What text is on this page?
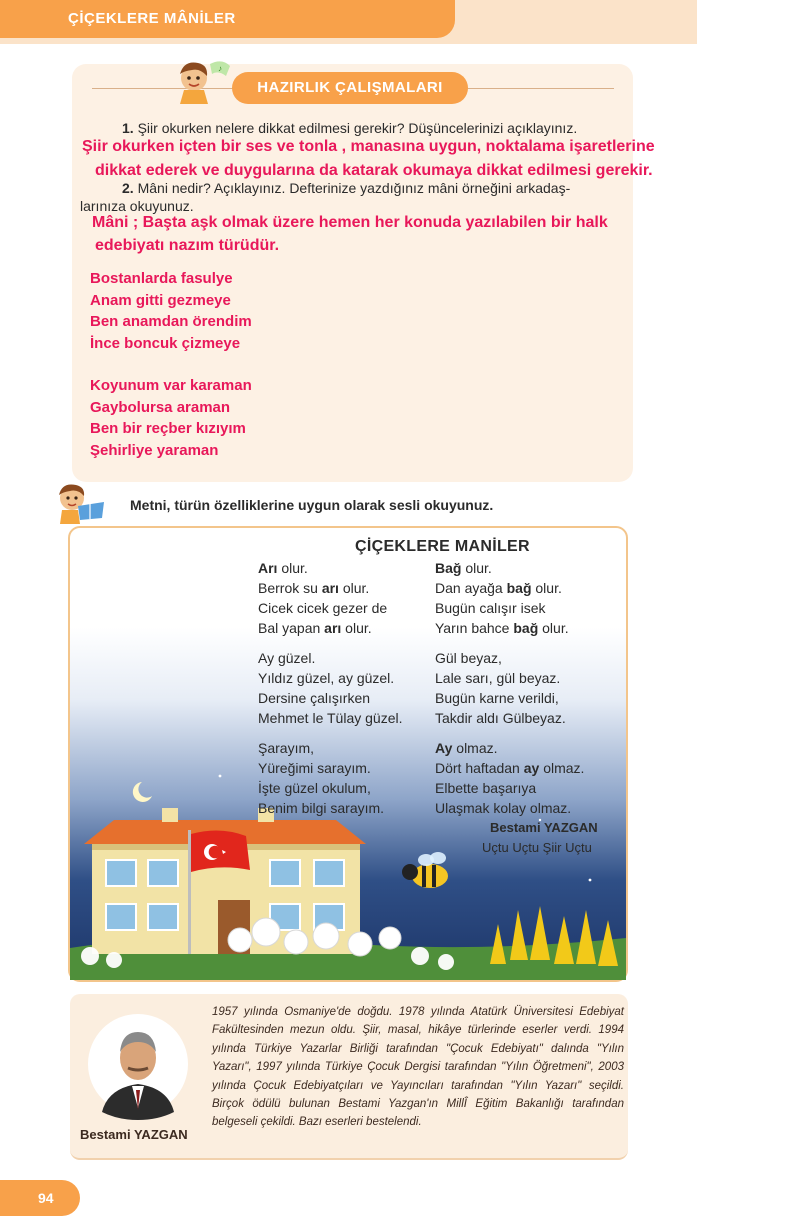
ÇİÇEKLERE MÂNİLER
HAZIRLIK ÇALIŞMALARI
♪
1. Şiir okurken nelere dikkat edilmesi gerekir? Düşüncelerinizi açıklayınız.
Şiir okurken içten bir ses ve tonla , manasına uygun, noktalama işaretlerine
dikkat ederek ve duygularına da katarak okumaya dikkat edilmesi gerekir.
2. Mâni nedir? Açıklayınız. Defterinize yazdığınız mâni örneğini arkadaş-
larınıza okuyunuz.
Mâni ; Başta aşk olmak üzere hemen her konuda yazılabilen bir halk
edebiyatı nazım türüdür.
Bostanlarda fasulye
Anam gitti gezmeye
Ben anamdan örendim
İnce boncuk çizmeye
Koyunum var karaman
Gaybolursa araman
Ben bir reçber kızıyım
Şehirliye yaraman
Metni, türün özelliklerine uygun olarak sesli okuyunuz.
ÇİÇEKLERE MANİLER
Arı olur.
Berrok su arı olur.
Cicek cicek gezer de
Bal yapan arı olur.
Bağ olur.
Dan ayağa bağ olur.
Bugün calışır isek
Yarın bahce bağ olur.
Ay güzel.
Yıldız güzel, ay güzel.
Dersine çalışırken
Mehmet le Tülay güzel.
Gül beyaz,
Lale sarı, gül beyaz.
Bugün karne verildi,
Takdir aldı Gülbeyaz.
Şarayım,
Yüreğimi sarayım.
İşte güzel okulum,
Benim bilgi sarayım.
Ay olmaz.
Dört haftadan ay olmaz.
Elbette başarıya
Ulaşmak kolay olmaz.
Bestami YAZGAN
Uçtu Uçtu Şiir Uçtu
Bestami YAZGAN
1957 yılında Osmaniye'de doğdu. 1978 yılında Atatürk Üniversitesi Edebiyat Fakültesinden mezun oldu. Şiir, masal, hikâye türlerinde eserler verdi. 1994 yılında Türkiye Yazarlar Birliği tarafından "Çocuk Edebiyatı" dalında "Yılın Yazarı", 1997 yılında Türkiye Çocuk Dergisi tarafından "Yılın Öğretmeni", 2003 yılında Çocuk Edebiyatçıları ve Yayıncıları tarafından "Yılın Yazarı" seçildi. Birçok ödülü bulunan Bestami Yazgan'ın MillÎ Eğitim Bakanlığı tarafından belgeseli çekildi. Bazı eserleri bestelendi.
94
